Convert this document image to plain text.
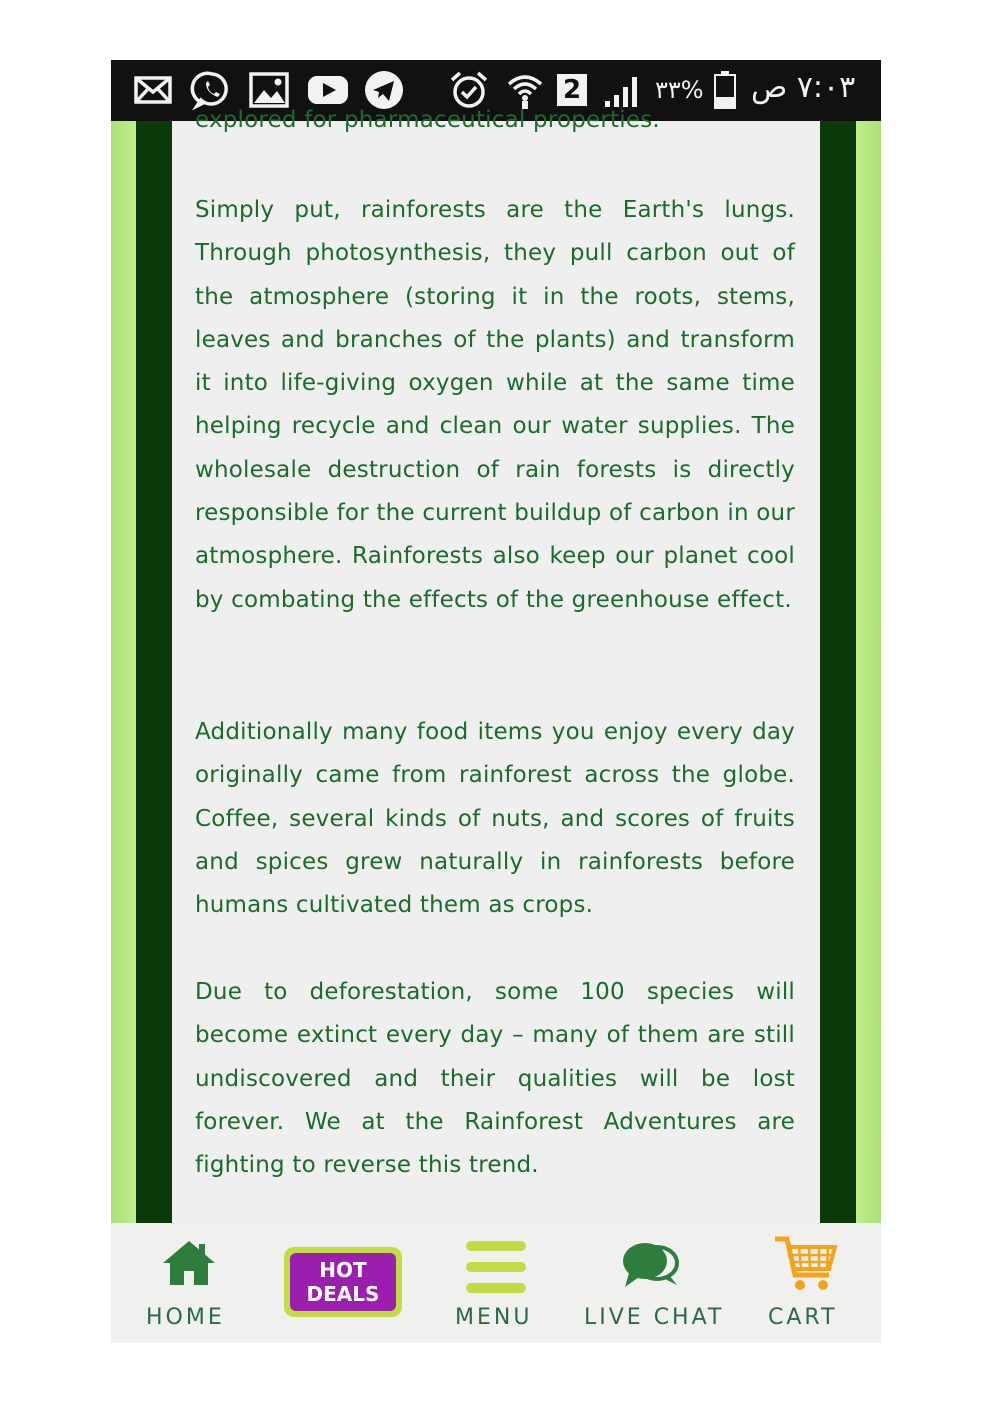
2	٣٣% ٧:٠٣ ص

explored for pharmaceutical properties.

Simply put, rainforests are the Earth's lungs. Through photosynthesis, they pull carbon out of the atmosphere (storing it in the roots, stems, leaves and branches of the plants) and transform it into life-giving oxygen while at the same time helping recycle and clean our water supplies. The wholesale destruction of rain forests is directly responsible for the current buildup of carbon in our atmosphere. Rainforests also keep our planet cool by combating the effects of the greenhouse effect.

Additionally many food items you enjoy every day originally came from rainforest across the globe. Coffee, several kinds of nuts, and scores of fruits and spices grew naturally in rainforests before humans cultivated them as crops.

Due to deforestation, some 100 species will become extinct every day – many of them are still undiscovered and their qualities will be lost forever. We at the Rainforest Adventures are fighting to reverse this trend.

HOME
HOT
DEALS
MENU LIVE CHAT CART
